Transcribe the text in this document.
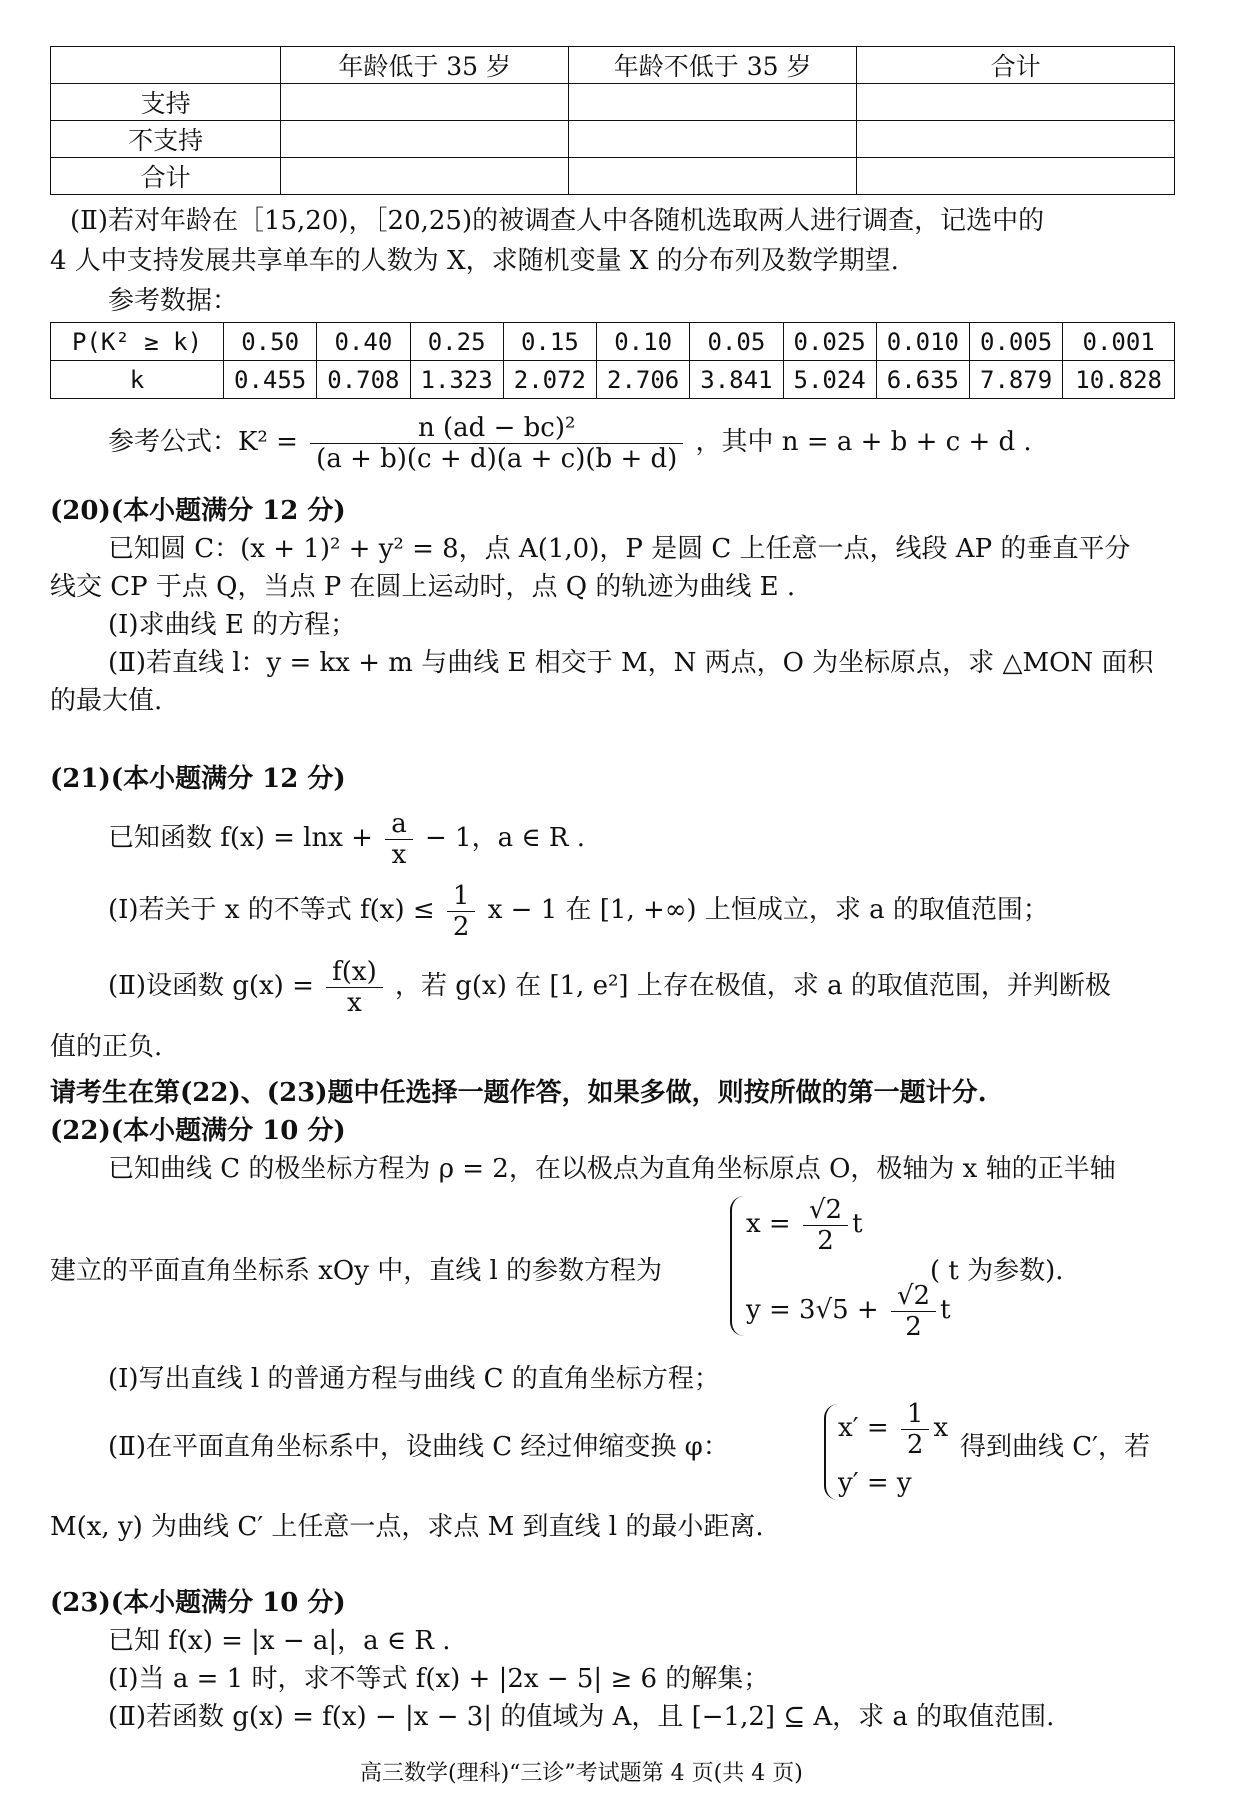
	年龄低于 35 岁	年龄不低于 35 岁	合计
支持			
不支持			
合计			
(Ⅱ)若对年龄在［15,20)，［20,25)的被调查人中各随机选取两人进行调查，记选中的
4 人中支持发展共享单车的人数为 X，求随机变量 X 的分布列及数学期望.
参考数据：
P(K² ≥ k)	0.50	0.40	0.25	0.15	0.10	0.05	0.025	0.010	0.005	0.001
k	0.455	0.708	1.323	2.072	2.706	3.841	5.024	6.635	7.879	10.828
参考公式：$K^2 = \frac{\text{n (ad − bc)²}}{(a + b)(c + d)(a + c)(b + d)}$ ，其中 n = a + b + c + d .
(20)(本小题满分 12 分)
已知圆 C：(x + 1)² + y² = 8，点 A(1,0)，P 是圆 C 上任意一点，线段 AP 的垂直平分
线交 CP 于点 Q，当点 P 在圆上运动时，点 Q 的轨迹为曲线 E .
(Ⅰ)求曲线 E 的方程；
(Ⅱ)若直线 l：y = kx + m 与曲线 E 相交于 M，N 两点，O 为坐标原点，求 △MON 面积
的最大值.
(21)(本小题满分 12 分)
已知函数 $f(x) = \ln x + \frac{a}{x} - 1$，a ∈ R .
(Ⅰ)若关于 x 的不等式 $f(x) \le \frac{1}{2}$ x − 1 在 [1, +∞) 上恒成立，求 a 的取值范围；
(Ⅱ)设函数 $g(x) = \frac{f(x)}{x}$ ，若 g(x) 在 [1, e²] 上存在极值，求 a 的取值范围，并判断极
值的正负.
请考生在第(22)、(23)题中任选择一题作答，如果多做，则按所做的第一题计分.
(22)(本小题满分 10 分)
已知曲线 C 的极坐标方程为 ρ = 2，在以极点为直角坐标原点 O，极轴为 x 轴的正半轴
建立的平面直角坐标系 xOy 中，直线 l 的参数方程为
$x = \frac{√2}{2}$ t
$y = 3√5 + \frac{√2}{2}$ t
( t 为参数).
(Ⅰ)写出直线 l 的普通方程与曲线 C 的直角坐标方程；
(Ⅱ)在平面直角坐标系中，设曲线 C 经过伸缩变换 φ：
$x' = \frac{1}{2}$ x
y′ = y
得到曲线 C′，若
M(x, y) 为曲线 C′ 上任意一点，求点 M 到直线 l 的最小距离.
(23)(本小题满分 10 分)
已知 f(x) = |x − a|，a ∈ R .
(Ⅰ)当 a = 1 时，求不等式 f(x) + |2x − 5| ≥ 6 的解集；
(Ⅱ)若函数 g(x) = f(x) − |x − 3| 的值域为 A，且 [−1,2] ⊆ A，求 a 的取值范围.
高三数学(理科)“三诊”考试题第 4 页(共 4 页)
